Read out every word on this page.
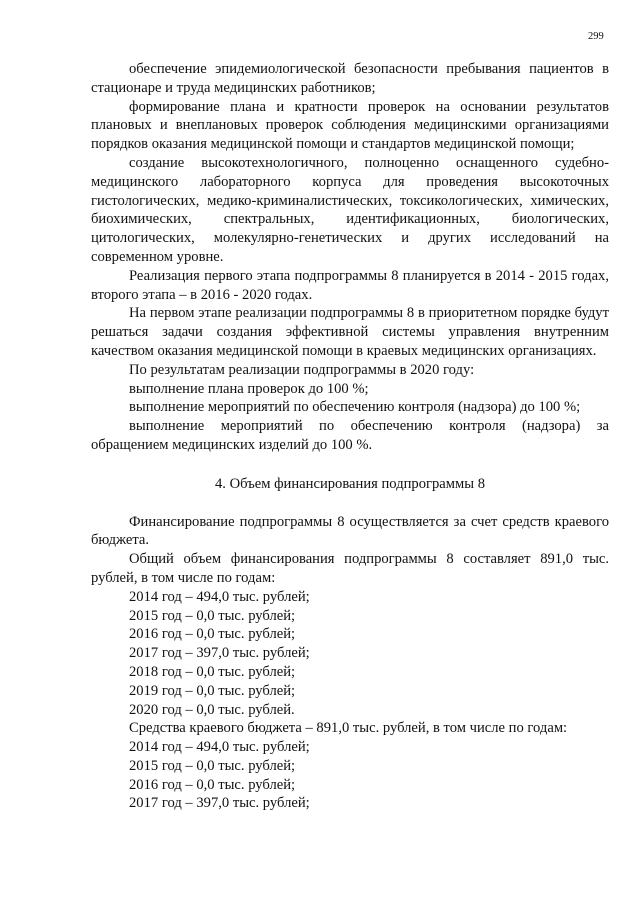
299

обеспечение эпидемиологической безопасности пребывания пациентов в стационаре и труда медицинских работников;

формирование плана и кратности проверок на основании результатов плановых и внеплановых проверок соблюдения медицинскими организациями порядков оказания медицинской помощи и стандартов медицинской помощи;

создание высокотехнологичного, полноценно оснащенного судебно-медицинского лабораторного корпуса для проведения высокоточных гистологических, медико-криминалистических, токсикологических, химических, биохимических, спектральных, идентификационных, биологических, цитологических, молекулярно-генетических и других исследований на современном уровне.

Реализация первого этапа подпрограммы 8 планируется в 2014 - 2015 годах, второго этапа – в 2016 - 2020 годах.

На первом этапе реализации подпрограммы 8 в приоритетном порядке будут решаться задачи создания эффективной системы управления внутренним качеством оказания медицинской помощи в краевых медицинских организациях.

По результатам реализации подпрограммы в 2020 году:

выполнение плана проверок до 100 %;

выполнение мероприятий по обеспечению контроля (надзора) до 100 %;

выполнение мероприятий по обеспечению контроля (надзора) за обращением медицинских изделий до 100 %.

4. Объем финансирования подпрограммы 8

Финансирование подпрограммы 8 осуществляется за счет средств краевого бюджета.

Общий объем финансирования подпрограммы 8 составляет 891,0 тыс. рублей, в том числе по годам:

2014 год – 494,0 тыс. рублей;

2015 год – 0,0 тыс. рублей;

2016 год – 0,0 тыс. рублей;

2017 год – 397,0 тыс. рублей;

2018 год – 0,0 тыс. рублей;

2019 год – 0,0 тыс. рублей;

2020 год – 0,0 тыс. рублей.

Средства краевого бюджета – 891,0 тыс. рублей, в том числе по годам:

2014 год – 494,0 тыс. рублей;

2015 год – 0,0 тыс. рублей;

2016 год – 0,0 тыс. рублей;

2017 год – 397,0 тыс. рублей;
